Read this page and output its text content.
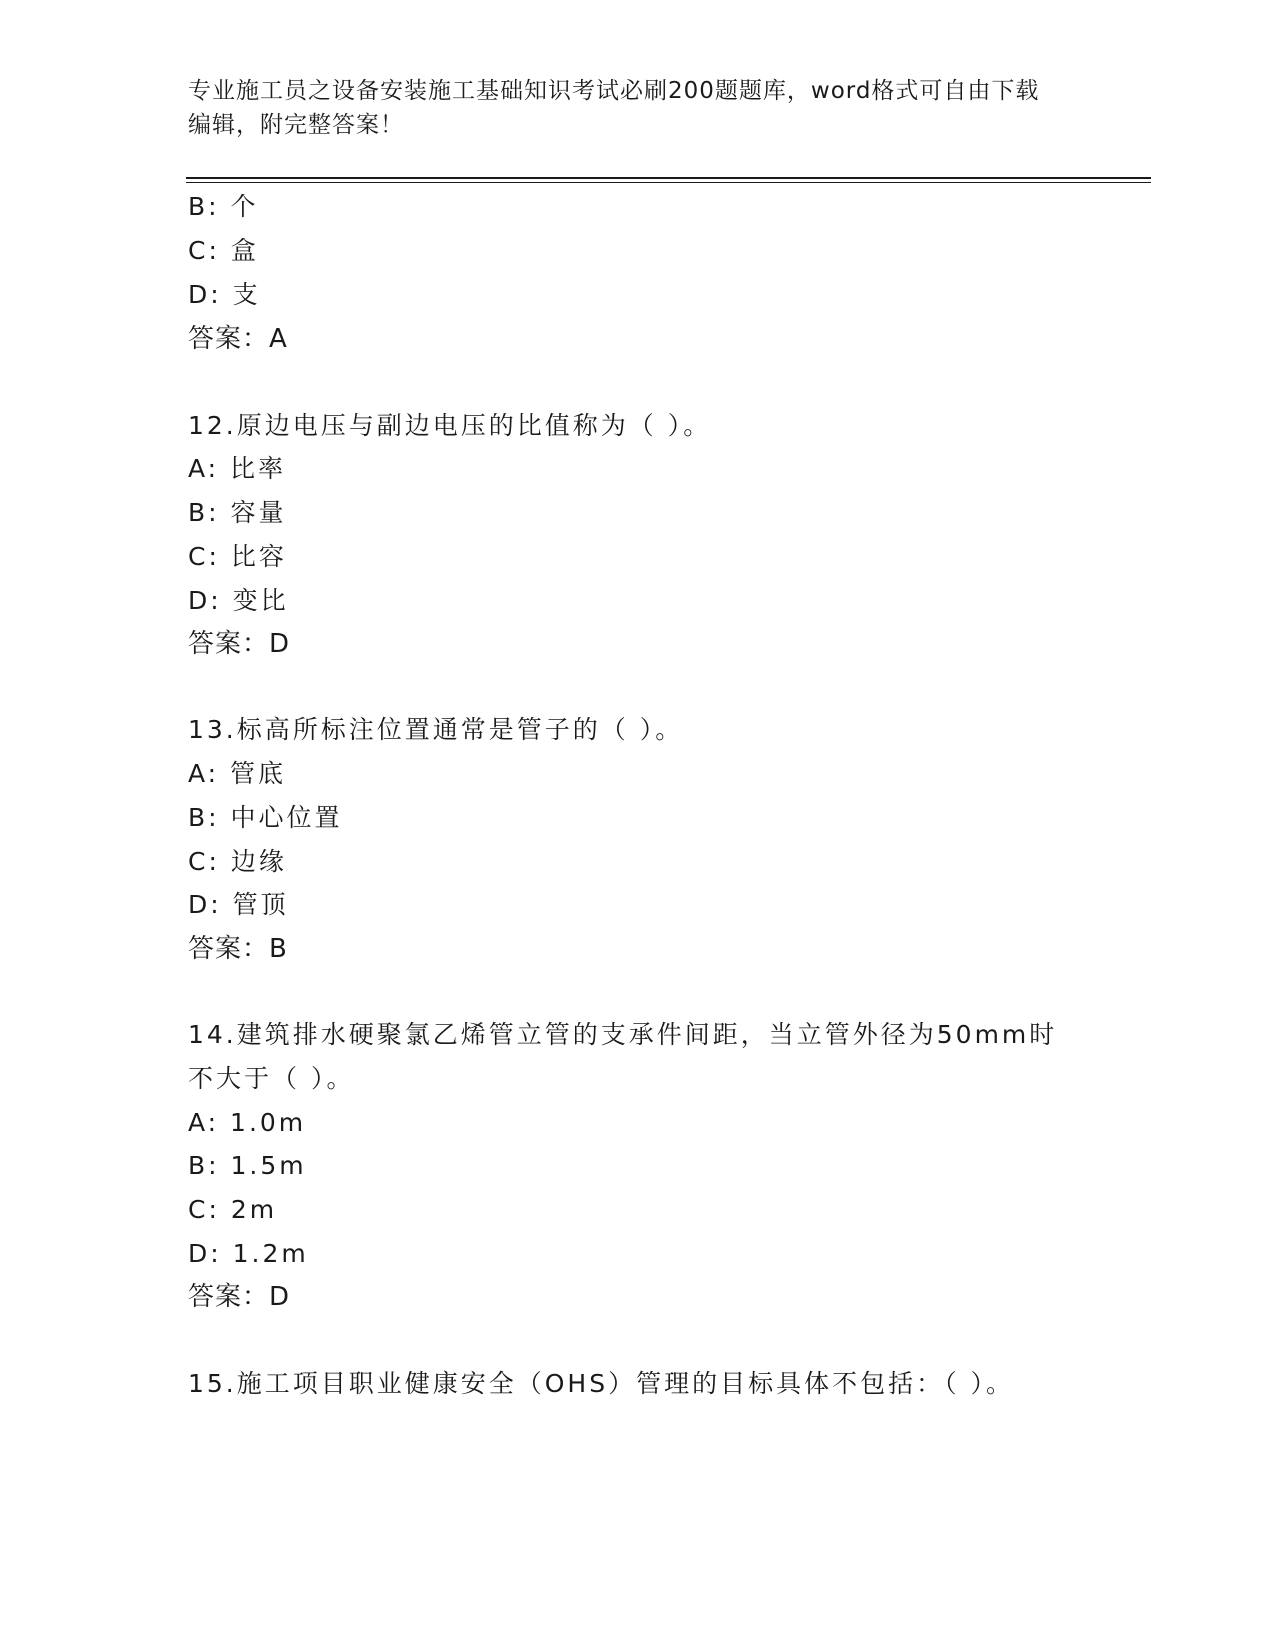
专业施工员之设备安装施工基础知识考试必刷200题题库，word格式可自由下载
编辑，附完整答案！
B: 个
C: 盒
D: 支
答案：A
12.原边电压与副边电压的比值称为（ ）。
A: 比率
B: 容量
C: 比容
D: 变比
答案：D
13.标高所标注位置通常是管子的（ ）。
A: 管底
B: 中心位置
C: 边缘
D: 管顶
答案：B
14.建筑排水硬聚氯乙烯管立管的支承件间距，当立管外径为50mm时
不大于（ ）。
A: 1.0m
B: 1.5m
C: 2m
D: 1.2m
答案：D
15.施工项目职业健康安全（OHS）管理的目标具体不包括：（ ）。
